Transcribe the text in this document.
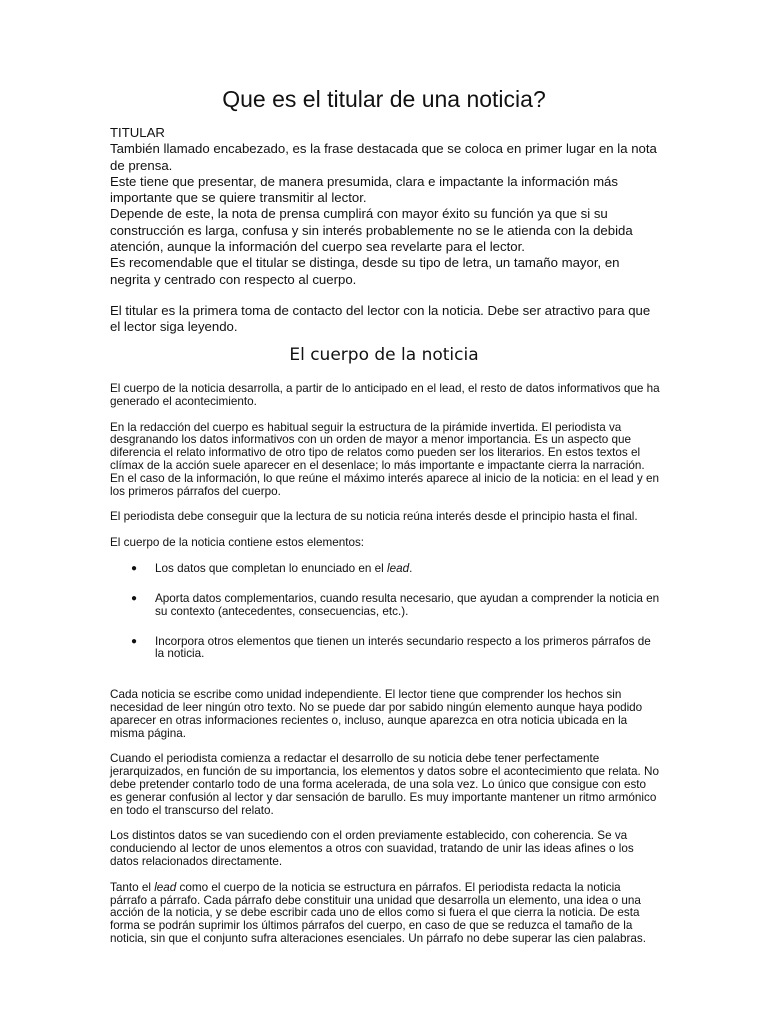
Que es el titular de una noticia?

TITULAR

También llamado encabezado, es la frase destacada que se coloca en primer lugar en la nota de prensa.

Este tiene que presentar, de manera presumida, clara e impactante la información más importante que se quiere transmitir al lector.

Depende de este, la nota de prensa cumplirá con mayor éxito su función ya que si su construcción es larga, confusa y sin interés probablemente no se le atienda con la debida atención, aunque la información del cuerpo sea revelarte para el lector.

Es recomendable que el titular se distinga, desde su tipo de letra, un tamaño mayor, en negrita y centrado con respecto al cuerpo.

El titular es la primera toma de contacto del lector con la noticia. Debe ser atractivo para que el lector siga leyendo.

El cuerpo de la noticia

El cuerpo de la noticia desarrolla, a partir de lo anticipado en el lead, el resto de datos informativos que ha generado el acontecimiento.

En la redacción del cuerpo es habitual seguir la estructura de la pirámide invertida. El periodista va desgranando los datos informativos con un orden de mayor a menor importancia. Es un aspecto que diferencia el relato informativo de otro tipo de relatos como pueden ser los literarios. En estos textos el clímax de la acción suele aparecer en el desenlace; lo más importante e impactante cierra la narración. En el caso de la información, lo que reúne el máximo interés aparece al inicio de la noticia: en el lead y en los primeros párrafos del cuerpo.

El periodista debe conseguir que la lectura de su noticia reúna interés desde el principio hasta el final.

El cuerpo de la noticia contiene estos elementos:

● Los datos que completan lo enunciado en el lead.
● Aporta datos complementarios, cuando resulta necesario, que ayudan a comprender la noticia en su contexto (antecedentes, consecuencias, etc.).
● Incorpora otros elementos que tienen un interés secundario respecto a los primeros párrafos de la noticia.

Cada noticia se escribe como unidad independiente. El lector tiene que comprender los hechos sin necesidad de leer ningún otro texto. No se puede dar por sabido ningún elemento aunque haya podido aparecer en otras informaciones recientes o, incluso, aunque aparezca en otra noticia ubicada en la misma página.

Cuando el periodista comienza a redactar el desarrollo de su noticia debe tener perfectamente jerarquizados, en función de su importancia, los elementos y datos sobre el acontecimiento que relata. No debe pretender contarlo todo de una forma acelerada, de una sola vez. Lo único que consigue con esto es generar confusión al lector y dar sensación de barullo. Es muy importante mantener un ritmo armónico en todo el transcurso del relato.

Los distintos datos se van sucediendo con el orden previamente establecido, con coherencia. Se va conduciendo al lector de unos elementos a otros con suavidad, tratando de unir las ideas afines o los datos relacionados directamente.

Tanto el lead como el cuerpo de la noticia se estructura en párrafos. El periodista redacta la noticia párrafo a párrafo. Cada párrafo debe constituir una unidad que desarrolla un elemento, una idea o una acción de la noticia, y se debe escribir cada uno de ellos como si fuera el que cierra la noticia. De esta forma se podrán suprimir los últimos párrafos del cuerpo, en caso de que se reduzca el tamaño de la noticia, sin que el conjunto sufra alteraciones esenciales. Un párrafo no debe superar las cien palabras.
